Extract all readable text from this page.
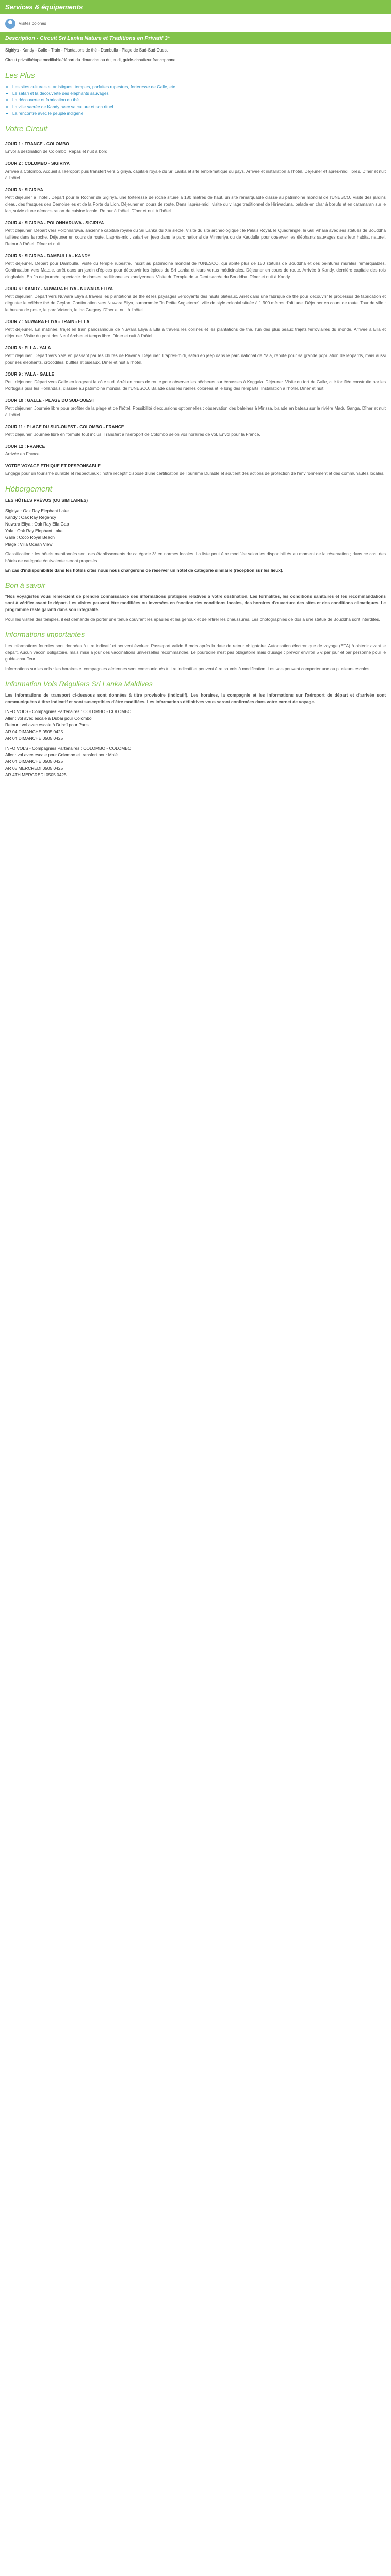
Services & équipements
Visites bolones
Description - Circuit Sri Lanka Nature et Traditions en Privatif 3*

Sigiriya - Kandy - Galle - Train - Plantations de thé - Dambulla - Plage de Sud-Sud-Ouest

Circuit privatif/étape modifiable/départ du dimanche ou du jeudi, guide-chauffeur francophone.

Les Plus
• Les sites culturels et artistiques: temples, parfaites rupestres, forteresse de Galle, etc.
• Le safari et la découverte des éléphants sauvages
• La découverte et fabrication du thé
• La ville sacrée de Kandy avec sa culture et son rituel
• La rencontre avec le peuple indigène
Votre Circuit
JOUR 1 : FRANCE - COLOMBO

Envol à destination de Colombo. Repas et nuit à bord.

JOUR 2 : COLOMBO - SIGIRIYA

Arrivée à Colombo. Accueil à l'aéroport puis transfert vers Sigiriya, capitale royale du Sri Lanka et site emblématique du pays. Arrivée et installation à l'hôtel. Déjeuner et après-midi libres. Dîner et nuit à l'hôtel.

JOUR 3 : SIGIRIYA

Petit déjeuner à l'hôtel. Départ pour le Rocher de Sigiriya, une forteresse de roche située à 180 mètres de haut, un site remarquable classé au patrimoine mondial de l'UNESCO. Visite des jardins d'eau, des fresques des Demoiselles et de la Porte du Lion. Déjeuner en cours de route. Dans l'après-midi, visite du village traditionnel de Hiriwaduna, balade en char à bœufs et en catamaran sur le lac, suivie d'une démonstration de cuisine locale. Retour à l'hôtel. Dîner et nuit à l'hôtel.

JOUR 4 : SIGIRIYA - POLONNARUWA - SIGIRIYA

Petit déjeuner. Départ vers Polonnaruwa, ancienne capitale royale du Sri Lanka du XIe siècle. Visite du site archéologique : le Palais Royal, le Quadrangle, le Gal Vihara avec ses statues de Bouddha taillées dans la roche. Déjeuner en cours de route. L'après-midi, safari en jeep dans le parc national de Minneriya ou de Kaudulla pour observer les éléphants sauvages dans leur habitat naturel. Retour à l'hôtel. Dîner et nuit.

JOUR 5 : SIGIRIYA - DAMBULLA - KANDY

Petit déjeuner. Départ pour Dambulla. Visite du temple rupestre, inscrit au patrimoine mondial de l'UNESCO, qui abrite plus de 150 statues de Bouddha et des peintures murales remarquables. Continuation vers Matale, arrêt dans un jardin d'épices pour découvrir les épices du Sri Lanka et leurs vertus médicinales. Déjeuner en cours de route. Arrivée à Kandy, dernière capitale des rois cinghalais. En fin de journée, spectacle de danses traditionnelles kandyennes. Visite du Temple de la Dent sacrée du Bouddha. Dîner et nuit à Kandy.

JOUR 6 : KANDY - NUWARA ELIYA - NUWARA ELIYA

Petit déjeuner. Départ vers Nuwara Eliya à travers les plantations de thé et les paysages verdoyants des hauts plateaux. Arrêt dans une fabrique de thé pour découvrir le processus de fabrication et déguster le célèbre thé de Ceylan. Continuation vers Nuwara Eliya, surnommée "la Petite Angleterre", ville de style colonial située à 1 900 mètres d'altitude. Déjeuner en cours de route. Tour de ville : le bureau de poste, le parc Victoria, le lac Gregory. Dîner et nuit à l'hôtel.

JOUR 7 : NUWARA ELIYA - TRAIN - ELLA

Petit déjeuner. En matinée, trajet en train panoramique de Nuwara Eliya à Ella à travers les collines et les plantations de thé, l'un des plus beaux trajets ferroviaires du monde. Arrivée à Ella et déjeuner. Visite du pont des Neuf Arches et temps libre. Dîner et nuit à l'hôtel.

JOUR 8 : ELLA - YALA

Petit déjeuner. Départ vers Yala en passant par les chutes de Ravana. Déjeuner. L'après-midi, safari en jeep dans le parc national de Yala, réputé pour sa grande population de léopards, mais aussi pour ses éléphants, crocodiles, buffles et oiseaux. Dîner et nuit à l'hôtel.

JOUR 9 : YALA - GALLE

Petit déjeuner. Départ vers Galle en longeant la côte sud. Arrêt en cours de route pour observer les pêcheurs sur échasses à Koggala. Déjeuner. Visite du fort de Galle, cité fortifiée construite par les Portugais puis les Hollandais, classée au patrimoine mondial de l'UNESCO. Balade dans les ruelles colorées et le long des remparts. Installation à l'hôtel. Dîner et nuit.

JOUR 10 : GALLE - PLAGE DU SUD-OUEST

Petit déjeuner. Journée libre pour profiter de la plage et de l'hôtel. Possibilité d'excursions optionnelles : observation des baleines à Mirissa, balade en bateau sur la rivière Madu Ganga. Dîner et nuit à l'hôtel.

JOUR 11 : PLAGE DU SUD-OUEST - COLOMBO - FRANCE

Petit déjeuner. Journée libre en formule tout inclus. Transfert à l'aéroport de Colombo selon vos horaires de vol. Envol pour la France.

JOUR 12 : FRANCE

Arrivée en France.

VOTRE VOYAGE ETHIQUE ET RESPONSABLE

Engagé pour un tourisme durable et respectueux : notre réceptif dispose d'une certification de Tourisme Durable et soutient des actions de protection de l'environnement et des communautés locales.

Hébergement

LES HÔTELS PRÉVUS (OU SIMILAIRES)

Sigiriya : Oak Ray Elephant Lake

Kandy : Oak Ray Regency

Nuwara Eliya : Oak Ray Ella Gap

Yala : Oak Ray Elephant Lake

Galle : Coco Royal Beach

Plage : Villa Ocean View

Classification : les hôtels mentionnés sont des établissements de catégorie 3* en normes locales. La liste peut être modifiée selon les disponibilités au moment de la réservation ; dans ce cas, des hôtels de catégorie équivalente seront proposés.

En cas d'indisponibilité dans les hôtels cités nous nous chargerons de réserver un hôtel de catégorie similaire (réception sur les lieux).

Bon à savoir

*Nos voyagistes vous remercient de prendre connaissance des informations pratiques relatives à votre destination. Les formalités, les conditions sanitaires et les recommandations sont à vérifier avant le départ. Les visites peuvent être modifiées ou inversées en fonction des conditions locales, des horaires d'ouverture des sites et des conditions climatiques. Le programme reste garanti dans son intégralité.

Pour les visites des temples, il est demandé de porter une tenue couvrant les épaules et les genoux et de retirer les chaussures. Les photographies de dos à une statue de Bouddha sont interdites.

Informations importantes

Les informations fournies sont données à titre indicatif et peuvent évoluer. Passeport valide 6 mois après la date de retour obligatoire. Autorisation électronique de voyage (ETA) à obtenir avant le départ. Aucun vaccin obligatoire, mais mise à jour des vaccinations universelles recommandée. Le pourboire n'est pas obligatoire mais d'usage : prévoir environ 5 € par jour et par personne pour le guide-chauffeur.

Informations sur les vols : les horaires et compagnies aériennes sont communiqués à titre indicatif et peuvent être soumis à modification. Les vols peuvent comporter une ou plusieurs escales.

Information Vols Réguliers Sri Lanka Maldives

Les informations de transport ci-dessous sont données à titre provisoire (indicatif). Les horaires, la compagnie et les informations sur l'aéroport de départ et d'arrivée sont communiquées à titre indicatif et sont susceptibles d'être modifiées. Les informations définitives vous seront confirmées dans votre carnet de voyage.

INFO VOLS - Compagnies Partenaires : COLOMBO - COLOMBO

Aller : vol avec escale à Dubaï pour Colombo

Retour : vol avec escale à Dubaï pour Paris

AR 04 DIMANCHE 0505 0425

AR 04 DIMANCHE 0505 0425

INFO VOLS - Compagnies Partenaires : COLOMBO - COLOMBO

Aller : vol avec escale pour Colombo et transfert pour Malé

AR 04 DIMANCHE 0505 0425

AR 05 MERCREDI 0505 0425

AR 4TH MERCREDI 0505 0425
